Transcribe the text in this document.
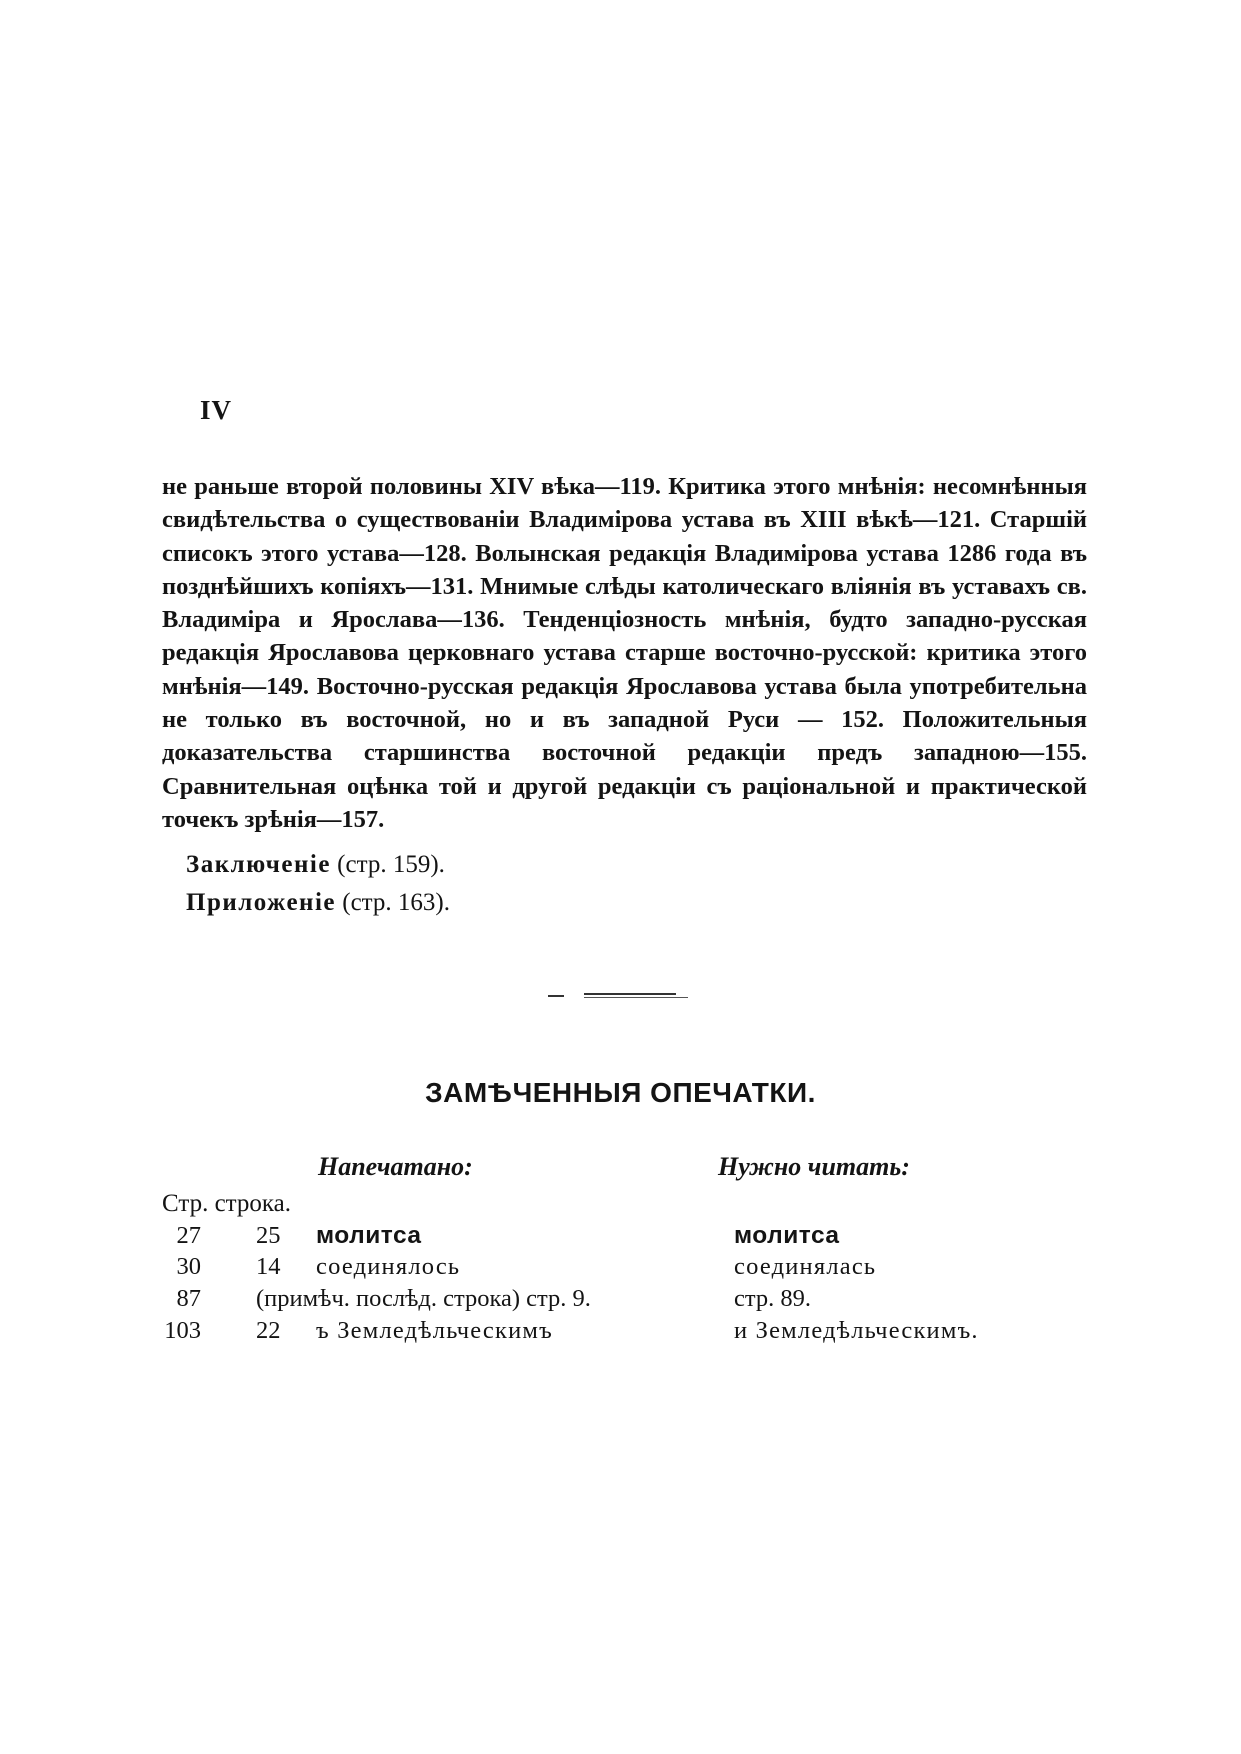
IV

не раньше второй половины XIV вѣка—119. Критика этого мнѣнія: несомнѣнныя свидѣтельства о существованіи Владимірова устава въ XIII вѣкѣ—121. Старшій списокъ этого устава—128. Волынская редакція Владимірова устава 1286 года въ позднѣйшихъ копіяхъ—131. Мнимые слѣды католическаго вліянія въ уставахъ св. Владиміра и Ярослава—136. Тенденціозность мнѣнія, будто западно-русская редакція Ярославова церковнаго устава старше восточно-русской: критика этого мнѣнія—149. Восточно-русская редакція Ярославова устава была употребительна не только въ восточной, но и въ западной Руси — 152. Положительныя доказательства старшинства восточной редакціи предъ западною—155. Сравнительная оцѣнка той и другой редакціи съ раціональной и практической точекъ зрѣнія—157.

Заключеніе (стр. 159).
Приложеніе (стр. 163).
ЗАМѢЧЕННЫЯ ОПЕЧАТКИ.
Напечатано:	Нужно читать:
Стр. строка.
27 25 молитса	молитса
30 14 соединялось	соединялась
87 (примѣч. послѣд. строка) стр. 9.	стр. 89.
103 22 ъ Земледѣльческимъ	и Земледѣльческимъ.
